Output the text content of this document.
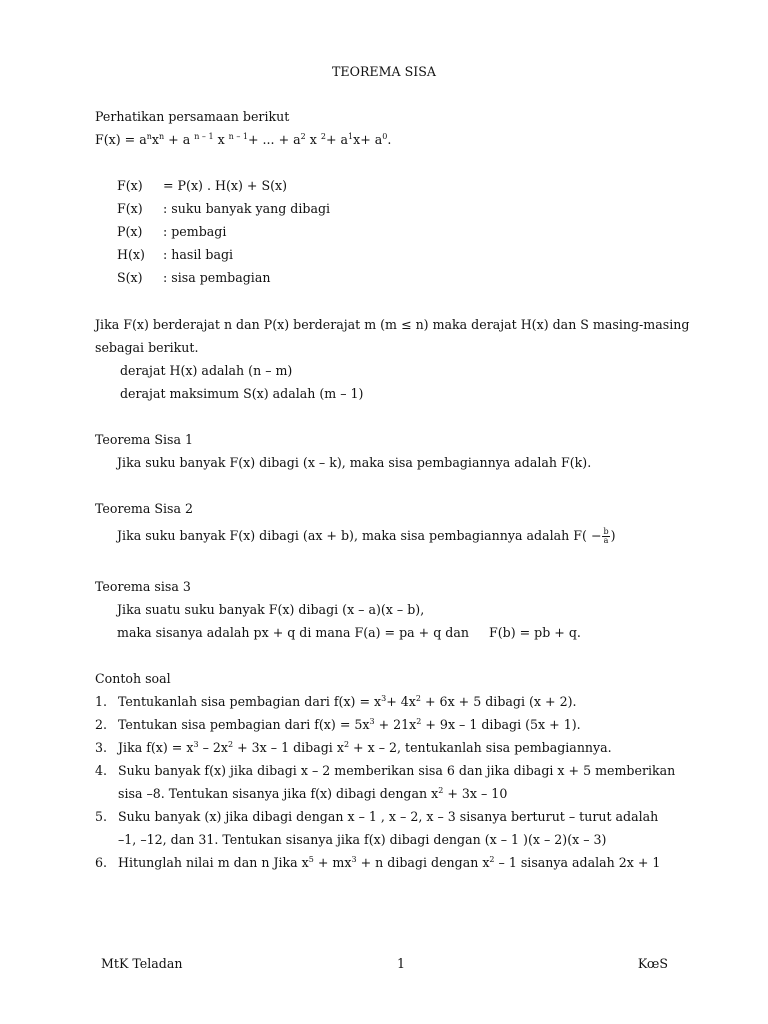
TEOREMA SISA
Perhatikan persamaan berikut
$F(x) = a^nx^n + a$ $^{n - 1}$ x $^{n - 1}$+ ... + $a^2$ x $^2+ a^1x+ a^0$.
F(x) = P(x) . H(x) + S(x)
F(x) : suku banyak yang dibagi
P(x) : pembagi
H(x) : hasil bagi
S(x) : sisa pembagian
Jika F(x) berderajat n dan P(x) berderajat m (m ≤ n) maka derajat H(x) dan S masing-masing
sebagai berikut.
derajat H(x) adalah (n – m)
derajat maksimum S(x) adalah (m – 1)
Teorema Sisa 1
Jika suku banyak F(x) dibagi (x – k), maka sisa pembagiannya adalah F(k).
Teorema Sisa 2
Jika suku banyak F(x) dibagi (ax + b), maka sisa pembagiannya adalah $F( - \frac{b}{a}$ )
Teorema sisa 3
Jika suatu suku banyak F(x) dibagi (x – a)(x – b),
maka sisanya adalah px + q di mana F(a) = pa + q dan F(b) = pb + q.
Contoh soal
1. Tentukanlah sisa pembagian dari $f(x) = x^3+ 4x^2 + 6x + 5$ dibagi (x + 2).
2. Tentukan sisa pembagian dari $f(x) = 5x^3 + 21x^2 + 9x - 1$ dibagi (5x + 1).
3. Jika $f(x) = x^3 - 2x^2 + 3x - 1$ dibagi $x^2 + x - 2$, tentukanlah sisa pembagiannya.
4. Suku banyak f(x) jika dibagi x – 2 memberikan sisa 6 dan jika dibagi x + 5 memberikan
sisa –8. Tentukan sisanya jika f(x) dibagi dengan $x^2 + 3x - 10$
5. Suku banyak (x) jika dibagi dengan x – 1 , x – 2, x – 3 sisanya berturut – turut adalah
–1, –12, dan 31. Tentukan sisanya jika f(x) dibagi dengan (x – 1 )(x – 2)(x – 3)
6. Hitunglah nilai m dan n Jika $x^5 + mx^3 + n$ dibagi dengan $x^2 - 1$ sisanya adalah 2x + 1
MtK Teladan	1	KœS
